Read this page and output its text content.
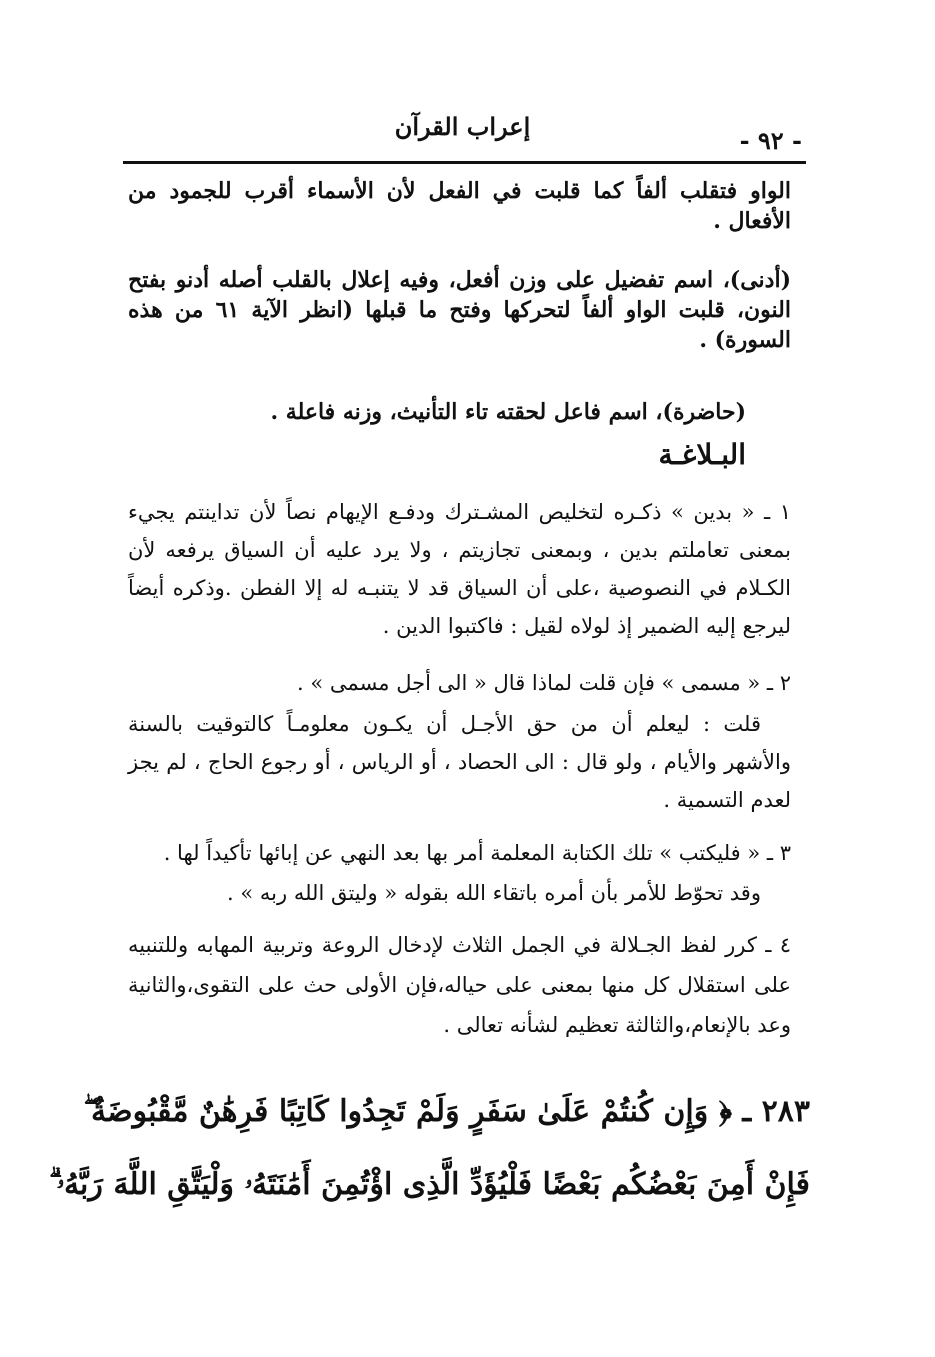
إعراب القرآن	- ٩٢ -
الواو فتقلب ألفاً كما قلبت في الفعل لأن الأسماء أقرب للجمود من الأفعال .
(أدنى)، اسم تفضيل على وزن أفعل، وفيه إعلال بالقلب أصله أدنو بفتح النون، قلبت الواو ألفاً لتحركها وفتح ما قبلها (انظر الآية ٦١ من هذه السورة) .
(حاضرة)، اسم فاعل لحقته تاء التأنيث، وزنه فاعلة .
البـلاغـة
١ ـ « بدين » ذكـره لتخليص المشـترك ودفـع الإيهام نصاً لأن تداينتم يجيء بمعنى تعاملتم بدين ، وبمعنى تجازيتم ، ولا يرد عليه أن السياق يرفعه لأن الكـلام في النصوصية ،على أن السياق قد لا يتنبـه له إلا الفطن .وذكره أيضاً ليرجع إليه الضمير إذ لولاه لقيل : فاكتبوا الدين .
٢ ـ « مسمى » فإن قلت لماذا قال « الى أجل مسمى » .
قلت : ليعلم أن من حق الأجـل أن يكـون معلومـاً كالتوقيت بالسنة والأشهر والأيام ، ولو قال : الى الحصاد ، أو الرياس ، أو رجوع الحاج ، لم يجز لعدم التسمية .
٣ ـ « فليكتب » تلك الكتابة المعلمة أمر بها بعد النهي عن إبائها تأكيداً لها .
وقد تحوّط للأمر بأن أمره باتقاء الله بقوله « وليتق الله ربه » .
٤ ـ كرر لفظ الجـلالة في الجمل الثلاث لإدخال الروعة وتربية المهابه وللتنبيه على استقلال كل منها بمعنى على حياله،فإن الأولى حث على التقوى،والثانية وعد بالإنعام،والثالثة تعظيم لشأنه تعالى .
٢٨٣ ـ ﴿ وَإِن كُنتُمْ عَلَىٰ سَفَرٍ وَلَمْ تَجِدُوا كَاتِبًا فَرِهَٰنٌ مَّقْبُوضَةٌ ۖ
فَإِنْ أَمِنَ بَعْضُكُم بَعْضًا فَلْيُؤَدِّ الَّذِى اؤْتُمِنَ أَمَٰنَتَهُۥ وَلْيَتَّقِ اللَّهَ رَبَّهُۥ ۗ
